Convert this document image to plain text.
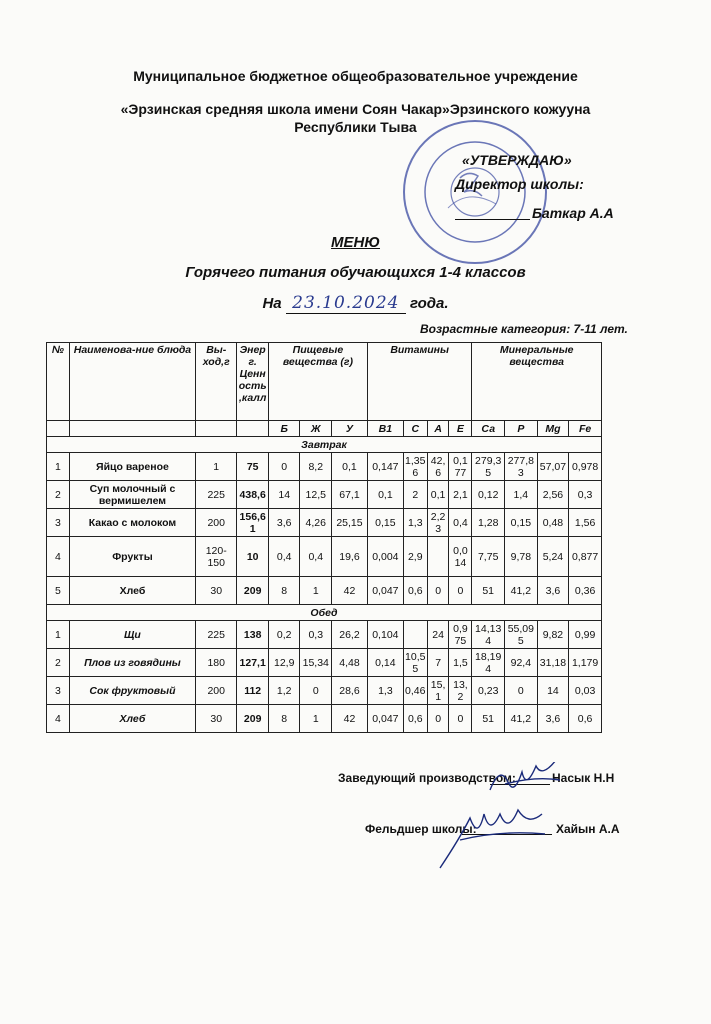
Муниципальное бюджетное общеобразовательное учреждение
«Эрзинская средняя школа имени Соян Чакар»Эрзинского кожууна
Республики Тыва
«УТВЕРЖДАЮ»
Директор школы:
Баткар А.А
МЕНЮ
Горячего питания обучающихся 1-4 классов
На 23.10.2024 года.
Возрастные категория: 7-11 лет.
№	Наименова-ние блюда	Вы-ход,г	Энерг. Ценн ость ,калл	Пищевые вещества (г)			Витамины				Минеральные вещества			
				Б	Ж	У	В1	С	А	Е	Са	Р	Mg	Fe
Завтрак														
1	Яйцо вареное	1	75	0	8,2	0,1	0,147	1,356	42,6	0,177	279,35	277,83	57,07	0,978
2	Суп молочный с вермишелем	225	438,6	14	12,5	67,1	0,1	2	0,1	2,1	0,12	1,4	2,56	0,3
3	Какао с молоком	200	156,61	3,6	4,26	25,15	0,15	1,3	2,23	0,4	1,28	0,15	0,48	1,56
4	Фрукты	120-150	10	0,4	0,4	19,6	0,004	2,9		0,014	7,75	9,78	5,24	0,877
5	Хлеб	30	209	8	1	42	0,047	0,6	0	0	51	41,2	3,6	0,36
Обед														
1	Щи	225	138	0,2	0,3	26,2	0,104		24	0,975	14,134	55,095	9,82	0,99
2	Плов из говядины	180	127,1	12,9	15,34	4,48	0,14	10,55	7	1,5	18,194	92,4	31,18	1,179
3	Сок фруктовый	200	112	1,2	0	28,6	1,3	0,46	15,1	13,2	0,23	0	14	0,03
4	Хлеб	30	209	8	1	42	0,047	0,6	0	0	51	41,2	3,6	0,6
Заведующий производством:	Насык Н.Н
Фельдшер школы:	Хайын А.А
